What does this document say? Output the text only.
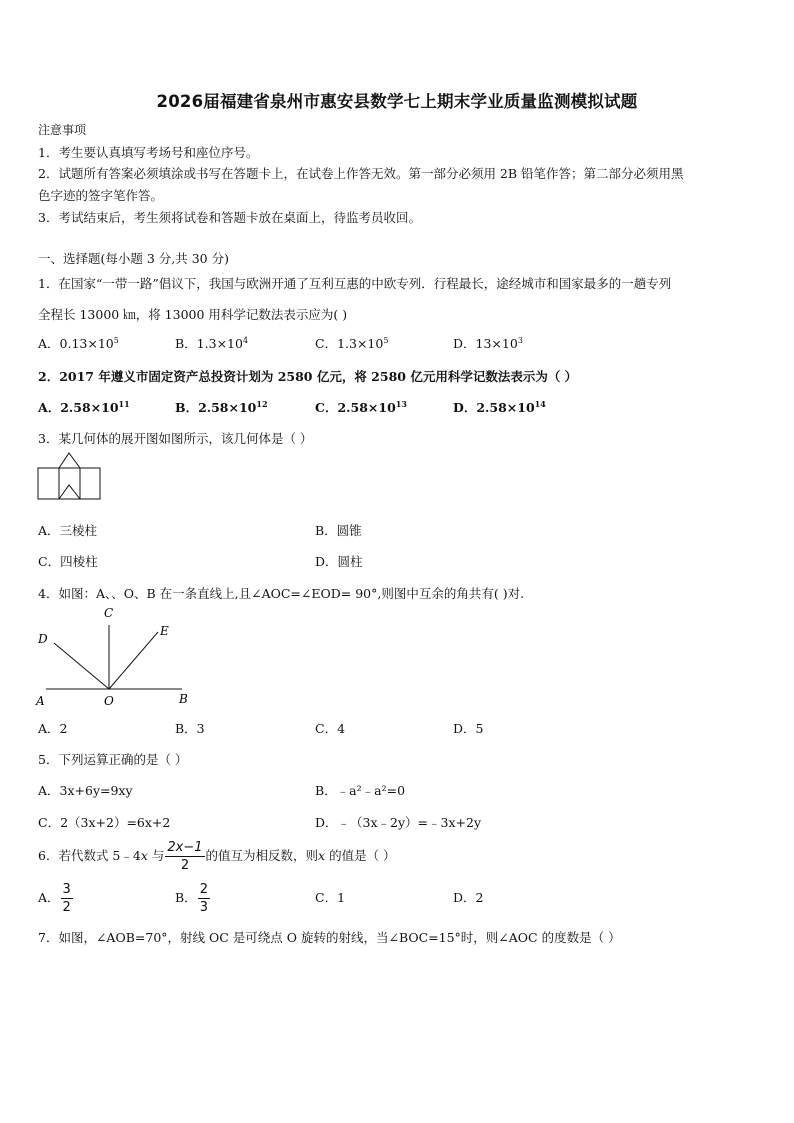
2026届福建省泉州市惠安县数学七上期末学业质量监测模拟试题
注意事项
1．考生要认真填写考场号和座位序号。
2．试题所有答案必须填涂或书写在答题卡上，在试卷上作答无效。第一部分必须用 2B 铅笔作答；第二部分必须用黑
色字迹的签字笔作答。
3．考试结束后，考生须将试卷和答题卡放在桌面上，待监考员收回。
一、选择题(每小题 3 分,共 30 分)
1．在国家“一带一路”倡议下，我国与欧洲开通了互利互惠的中欧专列．行程最长，途经城市和国家最多的一趟专列
全程长 13000 ㎞，将 13000 用科学记数法表示应为( )
A．$0.13\times 10^5$	B．$1.3\times 10^4$	C．$1.3\times 10^5$	D．$13\times 10^3$
2．2017 年遵义市固定资产总投资计划为 2580 亿元，将 2580 亿元用科学记数法表示为（ ）
A．$2.58\times 10^{11}$	B．$2.58\times 10^{12}$	C．$2.58\times 10^{13}$	D．$2.58\times 10^{14}$
3．某几何体的展开图如图所示，该几何体是（ ）
A．三棱柱	B．圆锥
C．四棱柱	D．圆柱
4．如图：A、、O、B 在一条直线上,且∠AOC=∠EOD= 90°,则图中互余的角共有( )对.
A	O	B
C
D
E
A．2	B．3	C．4	D．5
5．下列运算正确的是（ ）
A．3x+6y=9xy	B．﹣a²﹣a²=0
C．2（3x+2）=6x+2	D．﹣（3x﹣2y）=﹣3x+2y
6．若代数式 5﹣4x 与 $\frac{2x-1}{2}$ 的值互为相反数，则x 的值是（ ）
A． $\frac{3}{2}$	B． $\frac{2}{3}$	C．1	D．2
7．如图，∠AOB=70°，射线 OC 是可绕点 O 旋转的射线，当∠BOC=15°时，则∠AOC 的度数是（ ）
